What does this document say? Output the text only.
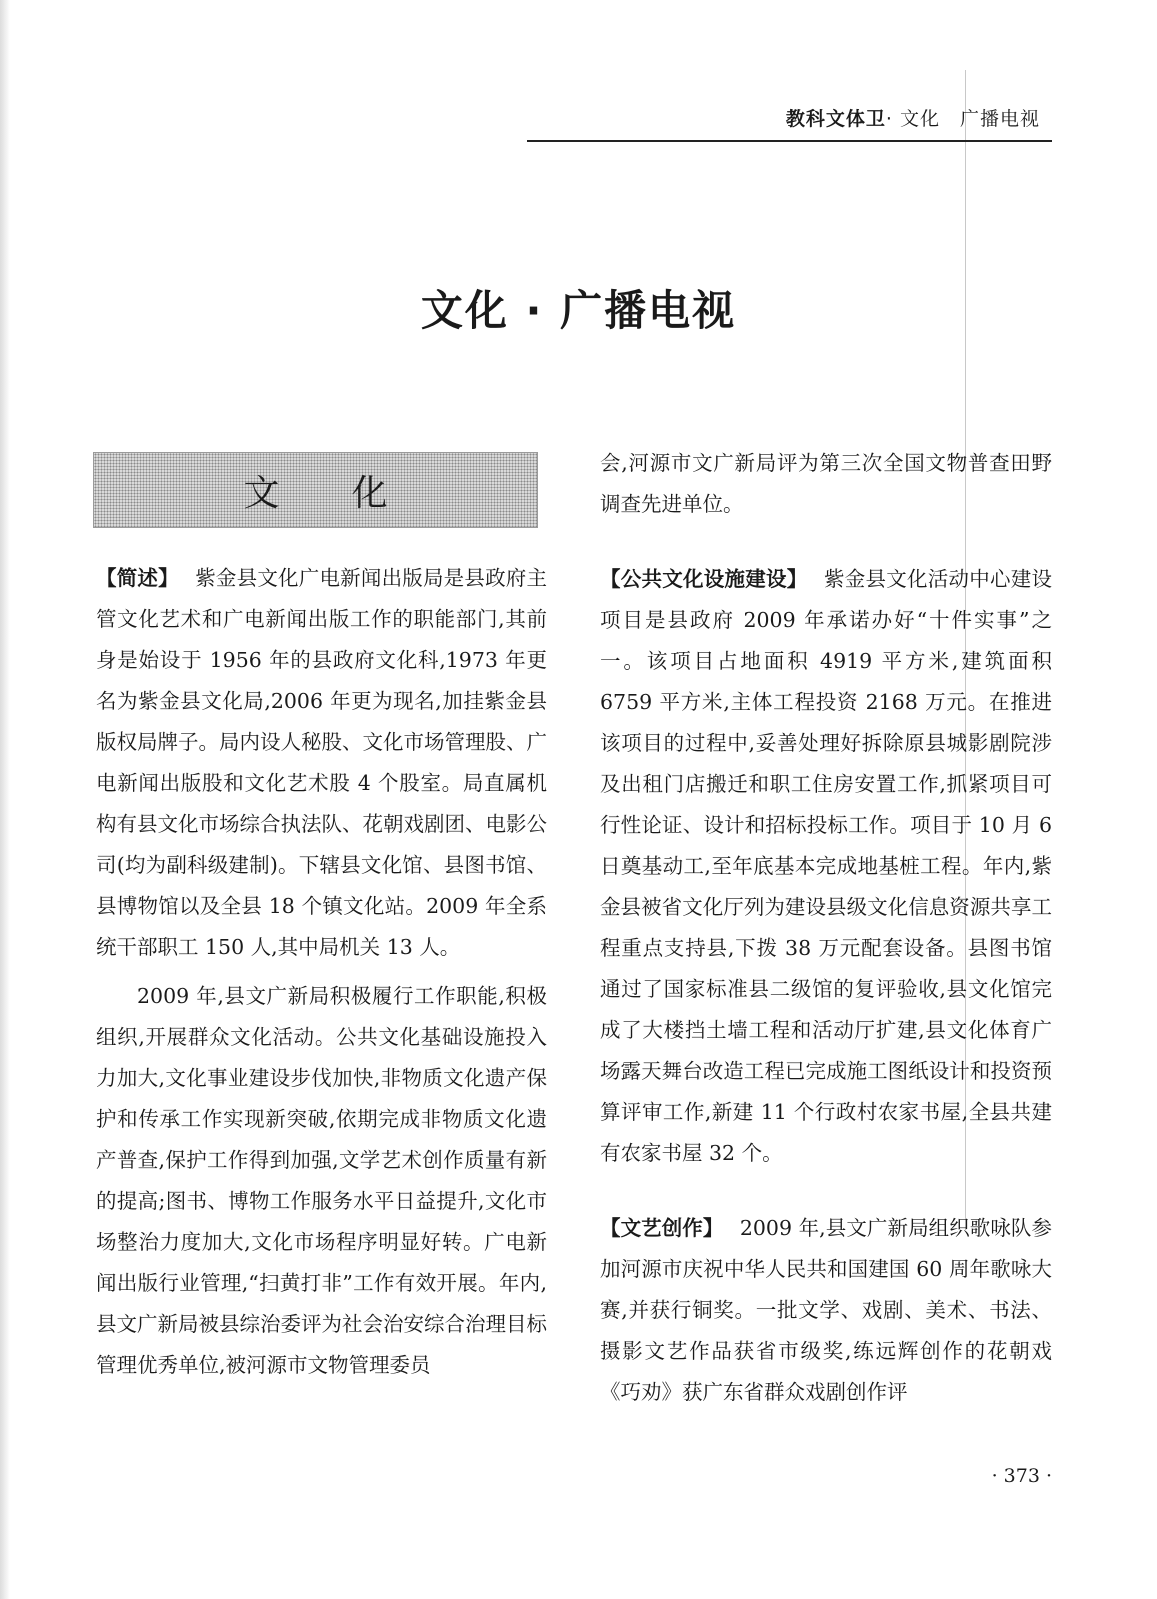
教科文体卫· 文化　广播电视
文化 · 广播电视
文化

【简述】 紫金县文化广电新闻出版局是县政府主管文化艺术和广电新闻出版工作的职能部门,其前身是始设于 1956 年的县政府文化科,1973 年更名为紫金县文化局,2006 年更为现名,加挂紫金县版权局牌子。局内设人秘股、文化市场管理股、广电新闻出版股和文化艺术股 4 个股室。局直属机构有县文化市场综合执法队、花朝戏剧团、电影公司(均为副科级建制)。下辖县文化馆、县图书馆、县博物馆以及全县 18 个镇文化站。2009 年全系统干部职工 150 人,其中局机关 13 人。

2009 年,县文广新局积极履行工作职能,积极组织,开展群众文化活动。公共文化基础设施投入力加大,文化事业建设步伐加快,非物质文化遗产保护和传承工作实现新突破,依期完成非物质文化遗产普查,保护工作得到加强,文学艺术创作质量有新的提高;图书、博物工作服务水平日益提升,文化市场整治力度加大,文化市场程序明显好转。广电新闻出版行业管理,“扫黄打非”工作有效开展。年内,县文广新局被县综治委评为社会治安综合治理目标管理优秀单位,被河源市文物管理委员

会,河源市文广新局评为第三次全国文物普查田野调查先进单位。

【公共文化设施建设】 紫金县文化活动中心建设项目是县政府 2009 年承诺办好“十件实事”之一。该项目占地面积 4919 平方米,建筑面积 6759 平方米,主体工程投资 2168 万元。在推进该项目的过程中,妥善处理好拆除原县城影剧院涉及出租门店搬迁和职工住房安置工作,抓紧项目可行性论证、设计和招标投标工作。项目于 10 月 6 日奠基动工,至年底基本完成地基桩工程。年内,紫金县被省文化厅列为建设县级文化信息资源共享工程重点支持县,下拨 38 万元配套设备。县图书馆通过了国家标准县二级馆的复评验收,县文化馆完成了大楼挡土墙工程和活动厅扩建,县文化体育广场露天舞台改造工程已完成施工图纸设计和投资预算评审工作,新建 11 个行政村农家书屋,全县共建有农家书屋 32 个。

【文艺创作】 2009 年,县文广新局组织歌咏队参加河源市庆祝中华人民共和国建国 60 周年歌咏大赛,并获行铜奖。一批文学、戏剧、美术、书法、摄影文艺作品获省市级奖,练远辉创作的花朝戏《巧劝》获广东省群众戏剧创作评

· 373 ·
